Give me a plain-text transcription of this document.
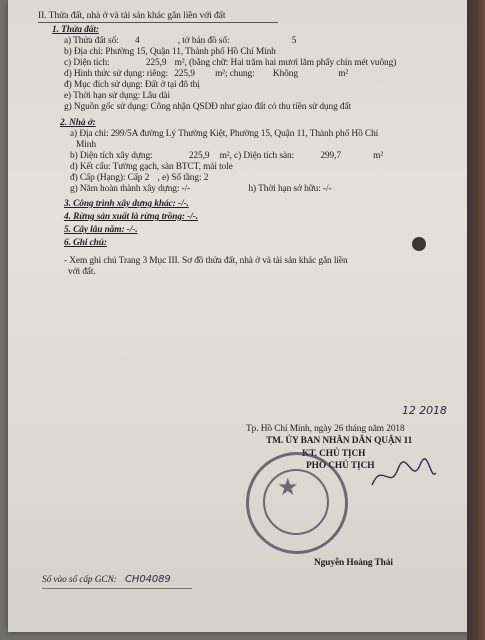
II. Thửa đất, nhà ở và tài sản khác gắn liền với đất
1. Thửa đất:
a) Thửa đất số: 4	, tờ bản đồ số:	5
b) Địa chỉ: Phường 15, Quận 11, Thành phố Hồ Chí Minh
c) Diện tích:	225,9 m², (bằng chữ: Hai trăm hai mươi lăm phẩy chín mét vuông)
d) Hình thức sử dụng: riêng: 225,9 m²; chung: Không	m²
đ) Mục đích sử dụng: Đất ở tại đô thị
e) Thời hạn sử dụng: Lâu dài
g) Nguồn gốc sử dụng: Công nhận QSDĐ như giao đất có thu tiền sử dụng đất
2. Nhà ở:
a) Địa chỉ: 299/5A đường Lý Thường Kiệt, Phường 15, Quận 11, Thành phố Hồ Chí
Minh
b) Diện tích xây dựng:	225,9 m², c) Diện tích sàn:	299,7	m²
d) Kết cấu: Tường gạch, sàn BTCT, mái tole
đ) Cấp (Hạng): Cấp 2 , e) Số tầng: 2
g) Năm hoàn thành xây dựng: -/-	h) Thời hạn sở hữu: -/-
3. Công trình xây dựng khác: -/-.
4. Rừng sản xuất là rừng trồng: -/-.
5. Cây lâu năm: -/-.
6. Ghi chú:
- Xem ghi chú Trang 3 Mục III. Sơ đồ thửa đất, nhà ở và tài sản khác gắn liền
với đất.
12 2018
Tp. Hồ Chí Minh, ngày 26 tháng năm 2018
TM. ỦY BAN NHÂN DÂN QUẬN 11
KT. CHỦ TỊCH
PHÓ CHỦ TỊCH
★
Nguyễn Hoàng Thái
Số vào sổ cấp GCN: CH04089
